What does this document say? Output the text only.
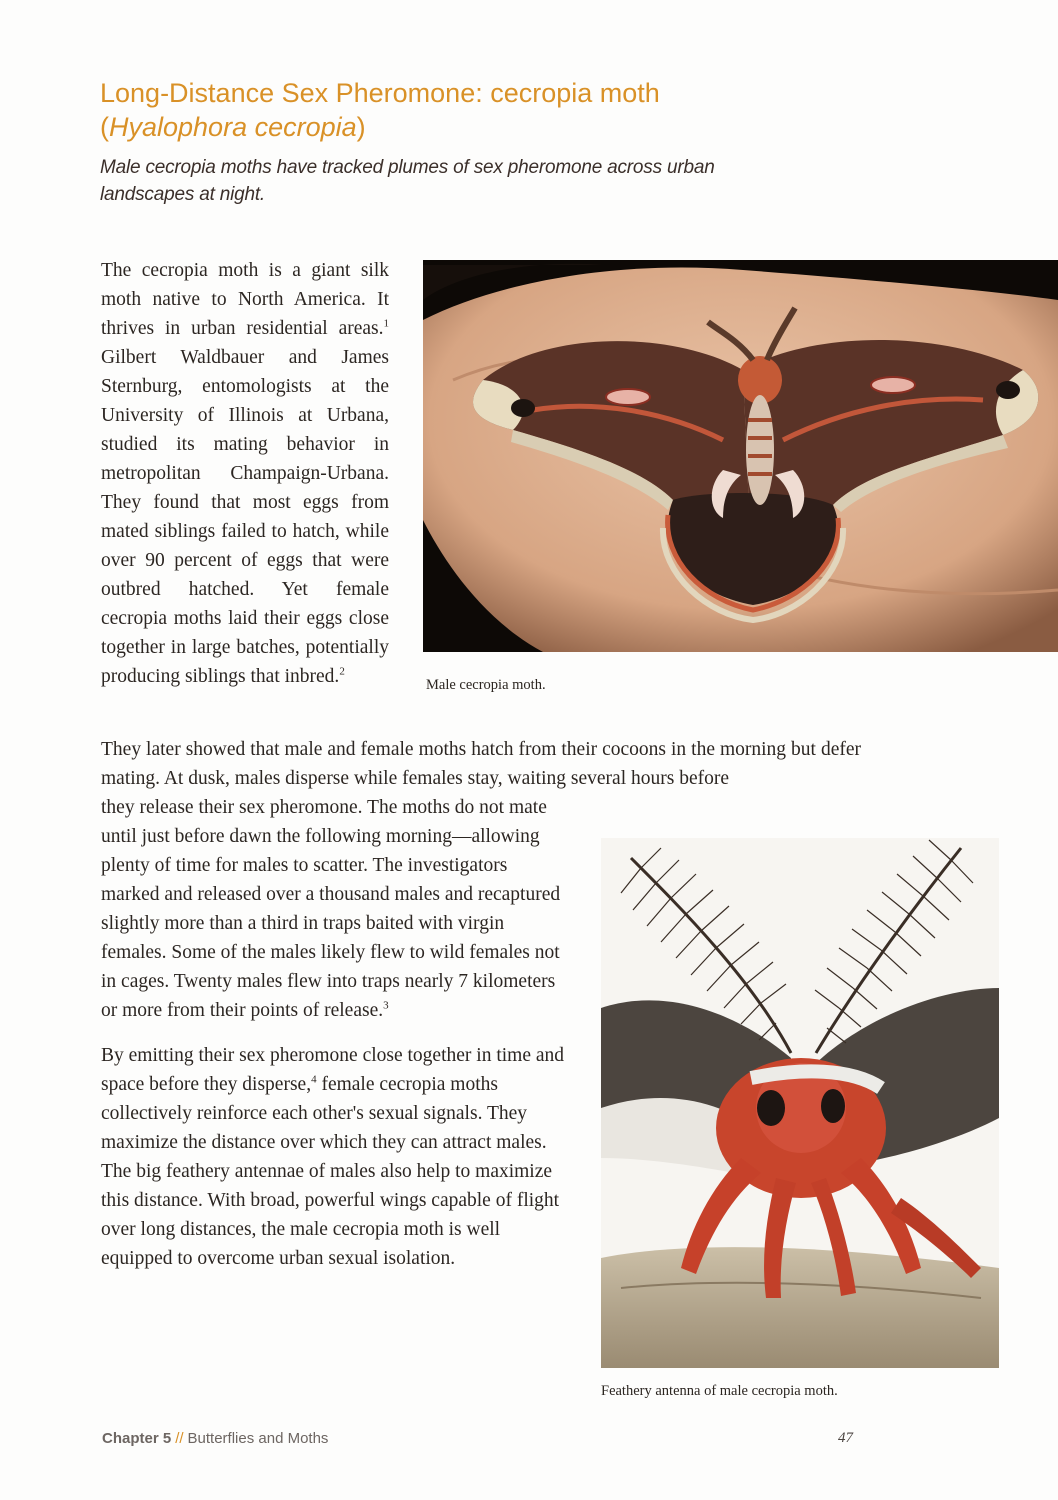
Long-Distance Sex Pheromone: cecropia moth
(Hyalophora cecropia)

Male cecropia moths have tracked plumes of sex pheromone across urban landscapes at night.

The cecropia moth is a giant silk moth native to North America. It thrives in urban residential areas.$^1$ Gilbert Waldbauer and James Sternburg, entomologists at the University of Illinois at Urbana, studied its mating behavior in metropolitan Champaign-Urbana. They found that most eggs from mated siblings failed to hatch, while over 90 percent of eggs that were outbred hatched. Yet female cecropia moths laid their eggs close together in large batches, potentially producing siblings that inbred.$^2$

Male cecropia moth.

They later showed that male and female moths hatch from their cocoons in the morning but defer mating. At dusk, males disperse while females stay, waiting several hours before

they release their sex pheromone. The moths do not mate until just before dawn the following morning—allowing plenty of time for males to scatter. The investigators marked and released over a thousand males and recaptured slightly more than a third in traps baited with virgin females. Some of the males likely flew to wild females not in cages. Twenty males flew into traps nearly 7 kilometers or more from their points of release.$^3$

By emitting their sex pheromone close together in time and space before they disperse,$^4$ female cecropia moths collectively reinforce each other's sexual signals. They maximize the distance over which they can attract males. The big feathery antennae of males also help to maximize this distance. With broad, powerful wings capable of flight over long distances, the male cecropia moth is well equipped to overcome urban sexual isolation.

Feathery antenna of male cecropia moth.

Chapter 5 // Butterflies and Moths	47
